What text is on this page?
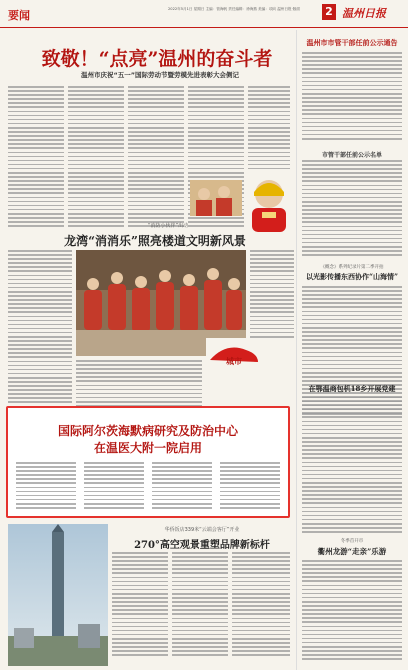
要闻	2022年5月1日 星期日 主编：管海帆 责任编辑：徐海燕 美编：项向 温州日报·版面	2 温州日报
致敬！“点亮”温州的奋斗者
温州市庆祝“五一”国际劳动节暨劳模先进表彰大会侧记
温州市市管干部任前公示通告
市管干部任前公示名单
“消防小伙伴”出动
龙湾“消消乐”照亮楼道文明新风景
城市
《概念》系列纪录片第二季开拍
以光影传播东西协作“山海情”
在鄂温商包机18乡开展党建
国际阿尔茨海默病研究及防治中心
在温医大附一院启用
冬季首开市
衢州龙游“走亲”乐游
华侨饭店339米“云端会客厅”开业
270°高空观景重塑品牌新标杆
